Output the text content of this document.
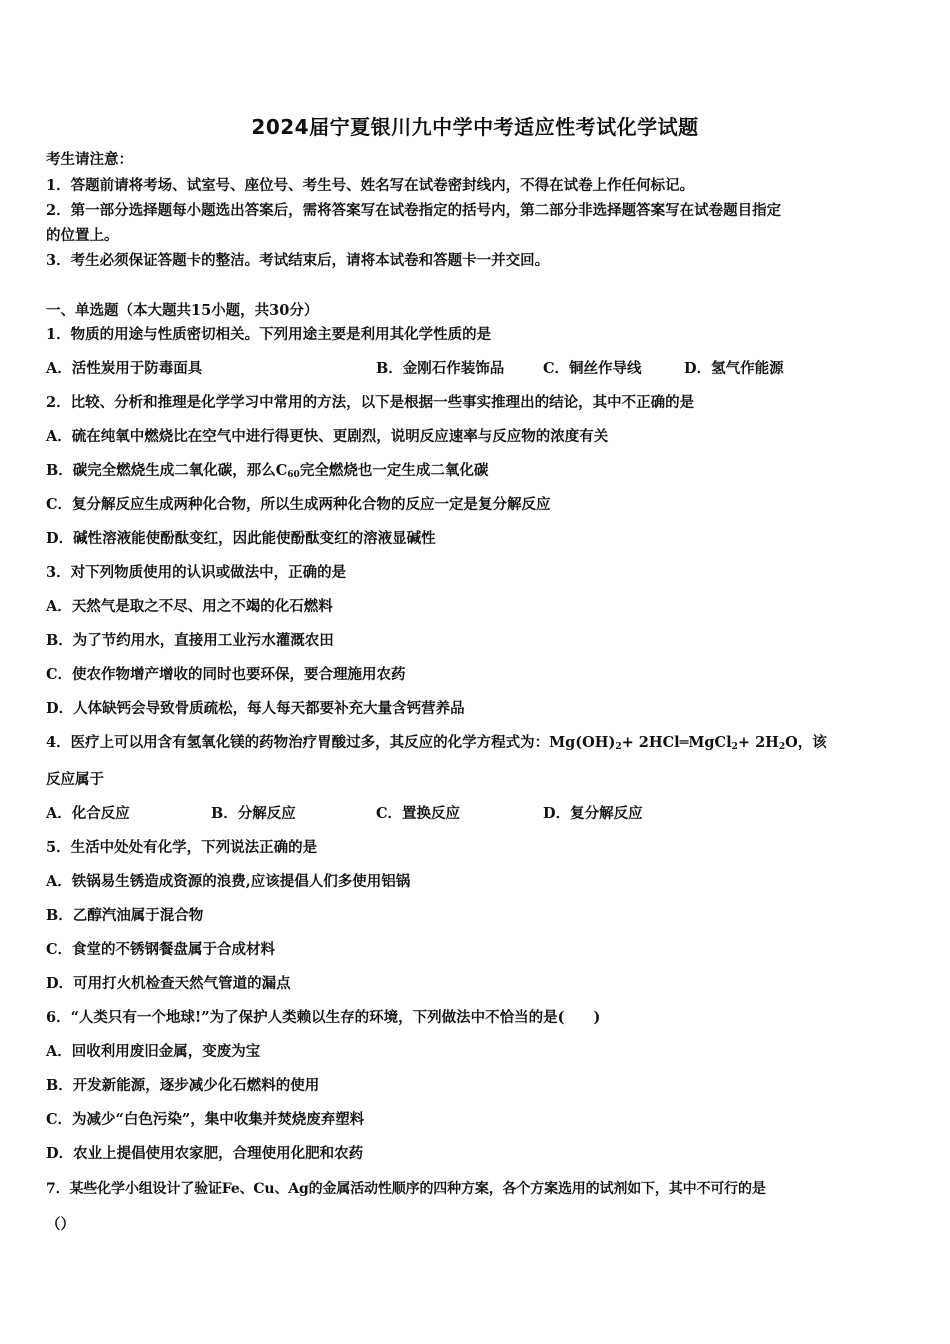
2024届宁夏银川九中学中考适应性考试化学试题
考生请注意：
1．答题前请将考场、试室号、座位号、考生号、姓名写在试卷密封线内，不得在试卷上作任何标记。
2．第一部分选择题每小题选出答案后，需将答案写在试卷指定的括号内，第二部分非选择题答案写在试卷题目指定
的位置上。
3．考生必须保证答题卡的整洁。考试结束后，请将本试卷和答题卡一并交回。
一、单选题（本大题共15小题，共30分）
1．物质的用途与性质密切相关。下列用途主要是利用其化学性质的是
A．活性炭用于防毒面具	B．金刚石作装饰品	C．铜丝作导线	D．氢气作能源
2．比较、分析和推理是化学学习中常用的方法，以下是根据一些事实推理出的结论，其中不正确的是
A．硫在纯氧中燃烧比在空气中进行得更快、更剧烈，说明反应速率与反应物的浓度有关
B．碳完全燃烧生成二氧化碳，那么$C_{60}$完全燃烧也一定生成二氧化碳
C．复分解反应生成两种化合物，所以生成两种化合物的反应一定是复分解反应
D．碱性溶液能使酚酞变红，因此能使酚酞变红的溶液显碱性
3．对下列物质使用的认识或做法中，正确的是
A．天然气是取之不尽、用之不竭的化石燃料
B．为了节约用水，直接用工业污水灌溉农田
C．使农作物增产增收的同时也要环保，要合理施用农药
D．人体缺钙会导致骨质疏松，每人每天都要补充大量含钙营养品
4．医疗上可以用含有氢氧化镁的药物治疗胃酸过多，其反应的化学方程式为：$Mg(OH)_2+$ 2HCl═MgCl$_2$+ $2H_2O$，该
反应属于
A．化合反应	B．分解反应	C．置换反应	D．复分解反应
5．生活中处处有化学，下列说法正确的是
A．铁锅易生锈造成资源的浪费,应该提倡人们多使用铝锅
B．乙醇汽油属于混合物
C．食堂的不锈钢餐盘属于合成材料
D．可用打火机检查天然气管道的漏点
6．“人类只有一个地球!”为了保护人类赖以生存的环境，下列做法中不恰当的是(　　)
A．回收利用废旧金属，变废为宝
B．开发新能源，逐步减少化石燃料的使用
C．为减少“白色污染”，集中收集并焚烧废弃塑料
D．农业上提倡使用农家肥，合理使用化肥和农药
7．某些化学小组设计了验证Fe、Cu、Ag的金属活动性顺序的四种方案，各个方案选用的试剂如下，其中不可行的是
（）
